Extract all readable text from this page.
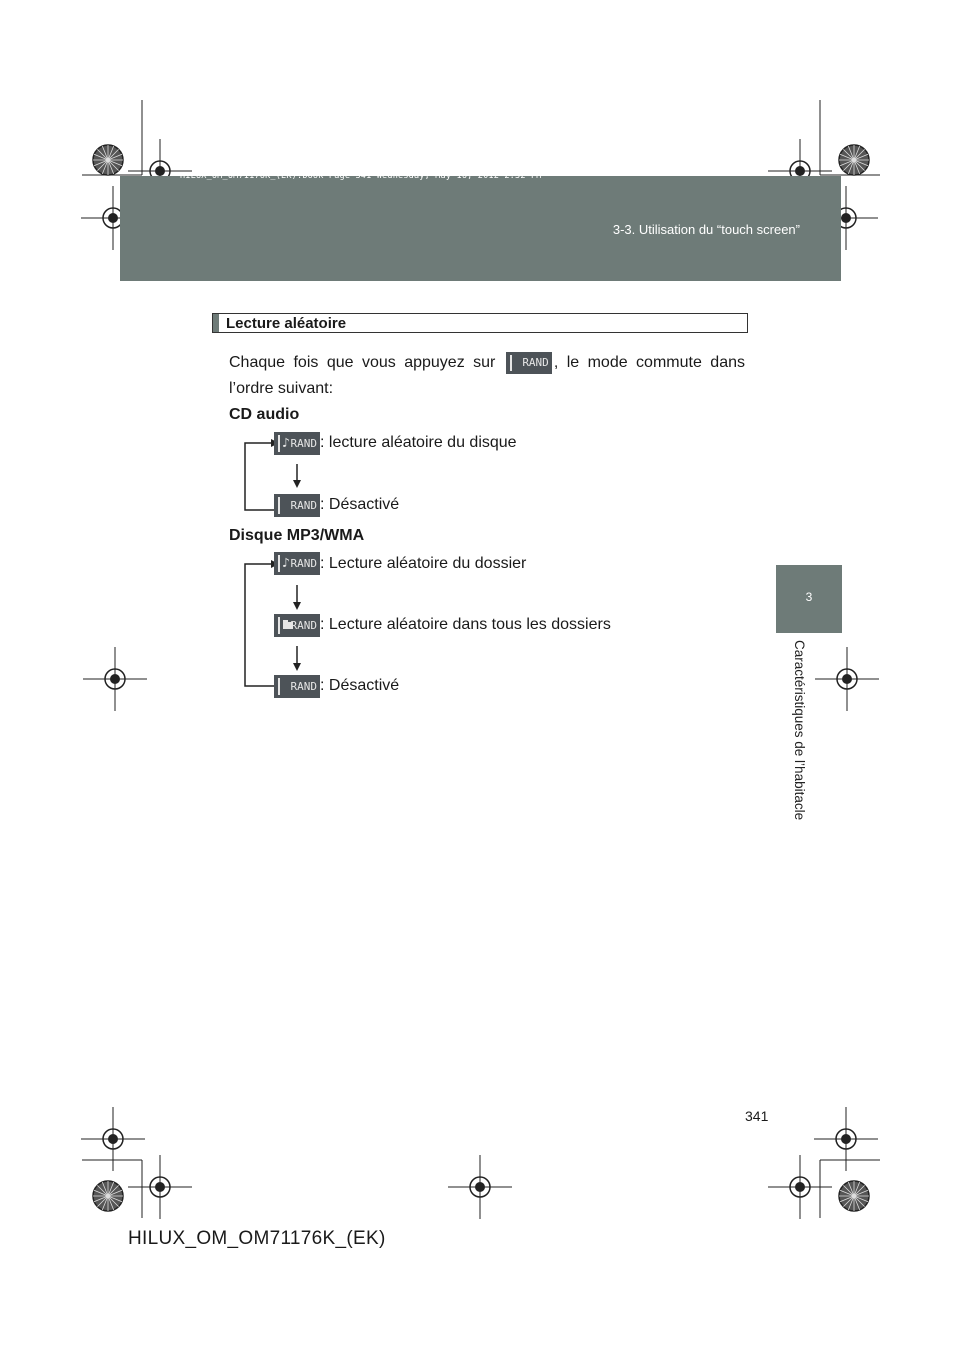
HILUX_OM_OM71176K_(EK).book Page 341 Wednesday, May 16, 2012 2:32 PM
3-3. Utilisation du “touch screen”
3
Caractéristiques de l’habitacle
Lecture aléatoire
Chaque fois que vous appuyez sur RAND , le mode commute dans l’ordre suivant:
CD audio
♪ RAND : lecture aléatoire du disque
RAND : Désactivé
Disque MP3/WMA
♪ RAND : Lecture aléatoire du dossier
RAND : Lecture aléatoire dans tous les dossiers
RAND : Désactivé
341
HILUX_OM_OM71176K_(EK)
